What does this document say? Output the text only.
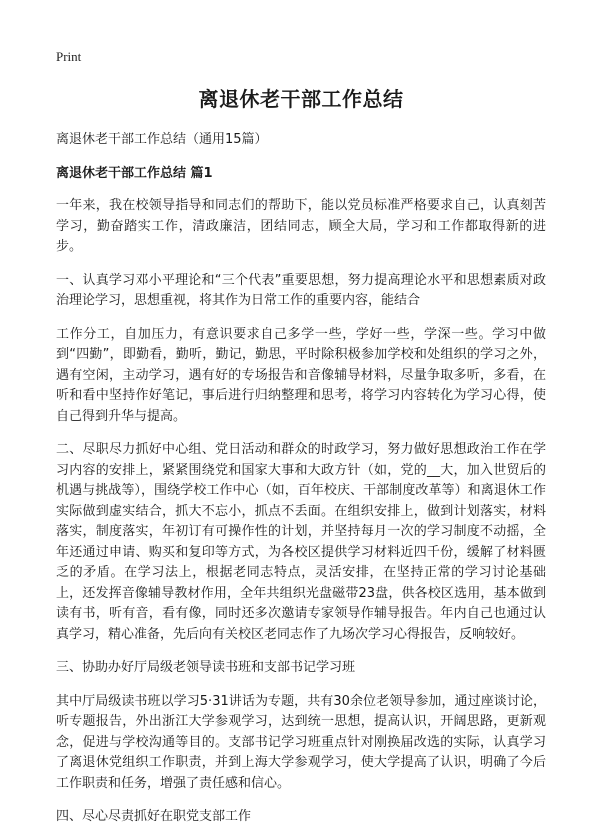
Print
离退休老干部工作总结

离退休老干部工作总结（通用15篇）

离退休老干部工作总结 篇1

一年来，我在校领导指导和同志们的帮助下，能以党员标准严格要求自己，认真刻苦学习，勤奋踏实工作，清政廉洁，团结同志，顾全大局，学习和工作都取得新的进步。

一、认真学习邓小平理论和“三个代表”重要思想，努力提高理论水平和思想素质对政治理论学习，思想重视，将其作为日常工作的重要内容，能结合

工作分工，自加压力，有意识要求自己多学一些，学好一些，学深一些。学习中做到“四勤”，即勤看，勤听，勤记，勤思，平时除积极参加学校和处组织的学习之外，遇有空闲，主动学习，遇有好的专场报告和音像辅导材料，尽量争取多听，多看，在听和看中坚持作好笔记，事后进行归纳整理和思考，将学习内容转化为学习心得，使自己得到升华与提高。

二、尽职尽力抓好中心组、党日活动和群众的时政学习，努力做好思想政治工作在学习内容的安排上，紧紧围绕党和国家大事和大政方针（如，党的__大，加入世贸后的机遇与挑战等），围绕学校工作中心（如，百年校庆、干部制度改革等）和离退休工作实际做到虚实结合，抓大不忘小，抓点不丢面。在组织安排上，做到计划落实，材料落实，制度落实，年初订有可操作性的计划，并坚持每月一次的学习制度不动摇，全年还通过申请、购买和复印等方式，为各校区提供学习材料近四千份，缓解了材料匮乏的矛盾。在学习法上，根据老同志特点，灵活安排，在坚持正常的学习讨论基础上，还发挥音像辅导教材作用，全年共组织光盘磁带23盘，供各校区选用，基本做到读有书，听有音，看有像，同时还多次邀请专家领导作辅导报告。年内自己也通过认真学习，精心准备，先后向有关校区老同志作了九场次学习心得报告，反响较好。

三、协助办好厅局级老领导读书班和支部书记学习班

其中厅局级读书班以学习5·31讲话为专题，共有30余位老领导参加，通过座谈讨论，听专题报告，外出浙江大学参观学习，达到统一思想，提高认识，开阔思路，更新观念，促进与学校沟通等目的。支部书记学习班重点针对刚换届改选的实际，认真学习了离退休党组织工作职责，并到上海大学参观学习，使大学提高了认识，明确了今后工作职责和任务，增强了责任感和信心。

四、尽心尽责抓好在职党支部工作
